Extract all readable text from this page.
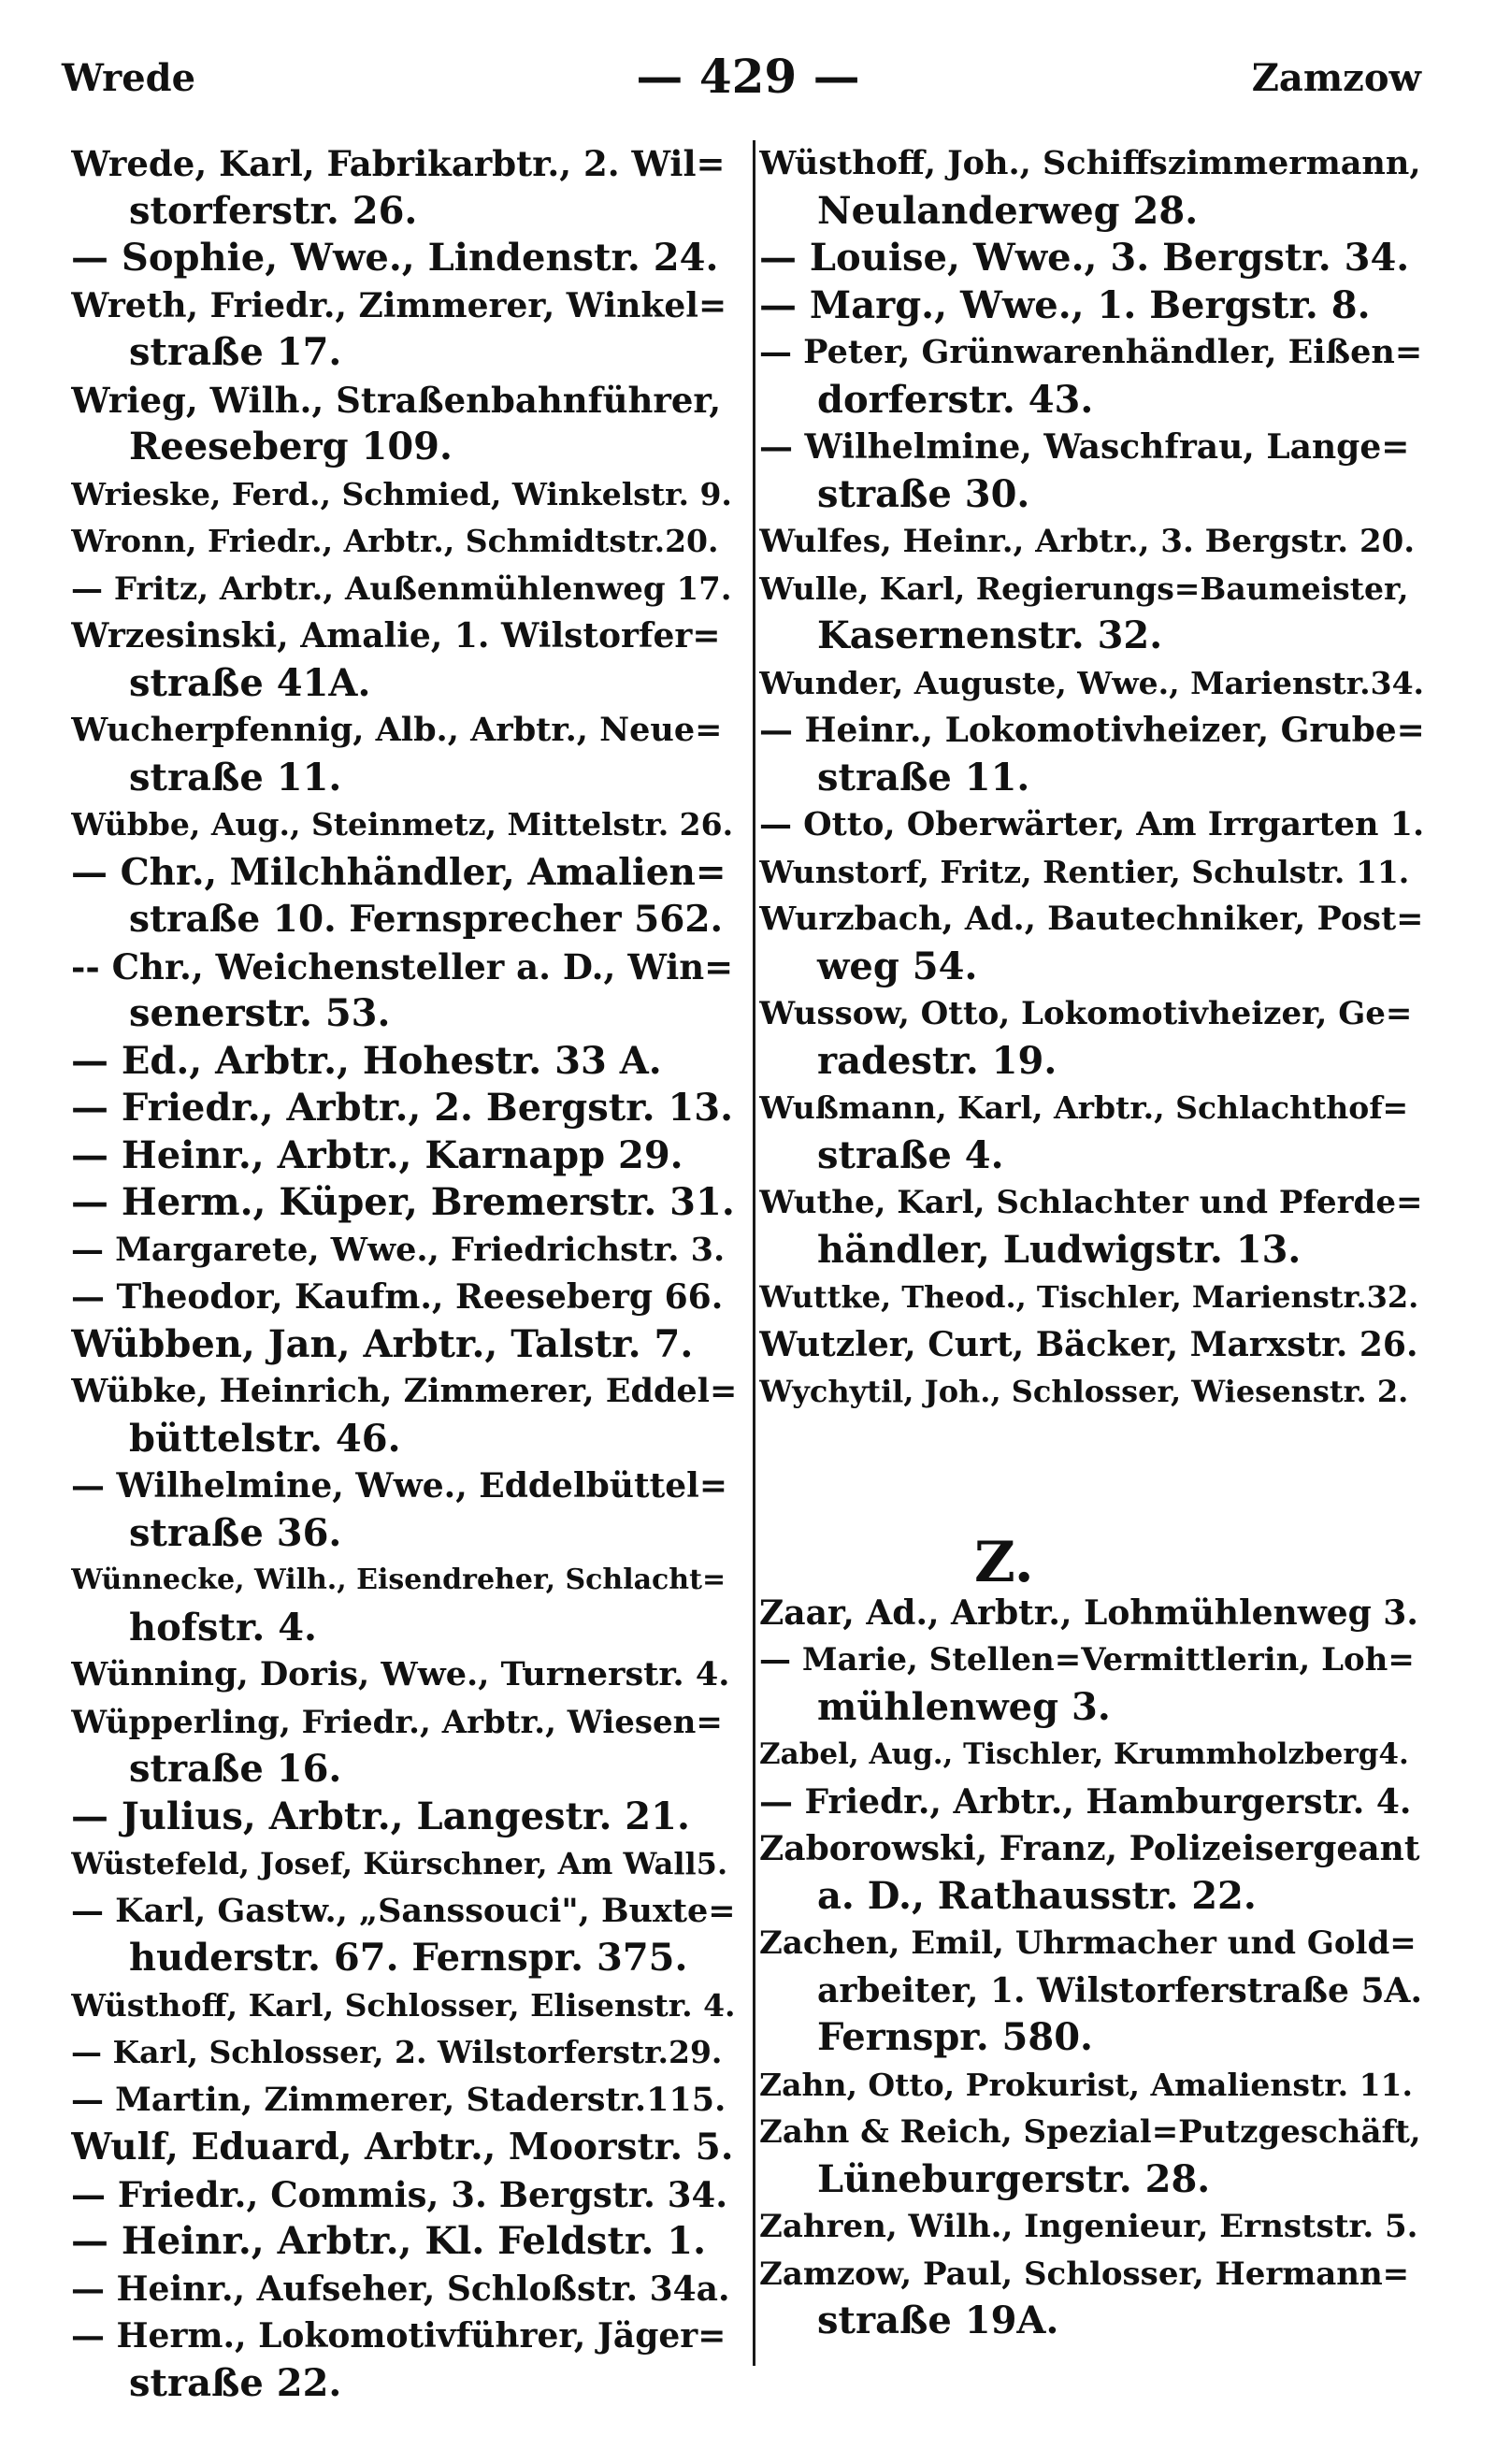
Wrede	— 429 —	Zamzow
Wrede, Karl, Fabrikarbtr., 2. Wil=
storferstr. 26.
— Sophie, Wwe., Lindenstr. 24.
Wreth, Friedr., Zimmerer, Winkel=
straße 17.
Wrieg, Wilh., Straßenbahnführer,
Reeseberg 109.
Wrieske, Ferd., Schmied, Winkelstr. 9.
Wronn, Friedr., Arbtr., Schmidtstr.20.
— Fritz, Arbtr., Außenmühlenweg 17.
Wrzesinski, Amalie, 1. Wilstorfer=
straße 41A.
Wucherpfennig, Alb., Arbtr., Neue=
straße 11.
Wübbe, Aug., Steinmetz, Mittelstr. 26.
— Chr., Milchhändler, Amalien=
straße 10. Fernsprecher 562.
-- Chr., Weichensteller a. D., Win=
senerstr. 53.
— Ed., Arbtr., Hohestr. 33 A.
— Friedr., Arbtr., 2. Bergstr. 13.
— Heinr., Arbtr., Karnapp 29.
— Herm., Küper, Bremerstr. 31.
— Margarete, Wwe., Friedrichstr. 3.
— Theodor, Kaufm., Reeseberg 66.
Wübben, Jan, Arbtr., Talstr. 7.
Wübke, Heinrich, Zimmerer, Eddel=
büttelstr. 46.
— Wilhelmine, Wwe., Eddelbüttel=
straße 36.
Wünnecke, Wilh., Eisendreher, Schlacht=
hofstr. 4.
Wünning, Doris, Wwe., Turnerstr. 4.
Wüpperling, Friedr., Arbtr., Wiesen=
straße 16.
— Julius, Arbtr., Langestr. 21.
Wüstefeld, Josef, Kürschner, Am Wall5.
— Karl, Gastw., „Sanssouci", Buxte=
huderstr. 67. Fernspr. 375.
Wüsthoff, Karl, Schlosser, Elisenstr. 4.
— Karl, Schlosser, 2. Wilstorferstr.29.
— Martin, Zimmerer, Staderstr.115.
Wulf, Eduard, Arbtr., Moorstr. 5.
— Friedr., Commis, 3. Bergstr. 34.
— Heinr., Arbtr., Kl. Feldstr. 1.
— Heinr., Aufseher, Schloßstr. 34a.
— Herm., Lokomotivführer, Jäger=
straße 22.
Wüsthoff, Joh., Schiffszimmermann,
Neulanderweg 28.
— Louise, Wwe., 3. Bergstr. 34.
— Marg., Wwe., 1. Bergstr. 8.
— Peter, Grünwarenhändler, Eißen=
dorferstr. 43.
— Wilhelmine, Waschfrau, Lange=
straße 30.
Wulfes, Heinr., Arbtr., 3. Bergstr. 20.
Wulle, Karl, Regierungs=Baumeister,
Kasernenstr. 32.
Wunder, Auguste, Wwe., Marienstr.34.
— Heinr., Lokomotivheizer, Grube=
straße 11.
— Otto, Oberwärter, Am Irrgarten 1.
Wunstorf, Fritz, Rentier, Schulstr. 11.
Wurzbach, Ad., Bautechniker, Post=
weg 54.
Wussow, Otto, Lokomotivheizer, Ge=
radestr. 19.
Wußmann, Karl, Arbtr., Schlachthof=
straße 4.
Wuthe, Karl, Schlachter und Pferde=
händler, Ludwigstr. 13.
Wuttke, Theod., Tischler, Marienstr.32.
Wutzler, Curt, Bäcker, Marxstr. 26.
Wychytil, Joh., Schlosser, Wiesenstr. 2.
Z.
Zaar, Ad., Arbtr., Lohmühlenweg 3.
— Marie, Stellen=Vermittlerin, Loh=
mühlenweg 3.
Zabel, Aug., Tischler, Krummholzberg4.
— Friedr., Arbtr., Hamburgerstr. 4.
Zaborowski, Franz, Polizeisergeant
a. D., Rathausstr. 22.
Zachen, Emil, Uhrmacher und Gold=
arbeiter, 1. Wilstorferstraße 5A.
Fernspr. 580.
Zahn, Otto, Prokurist, Amalienstr. 11.
Zahn & Reich, Spezial=Putzgeschäft,
Lüneburgerstr. 28.
Zahren, Wilh., Ingenieur, Ernststr. 5.
Zamzow, Paul, Schlosser, Hermann=
straße 19A.
